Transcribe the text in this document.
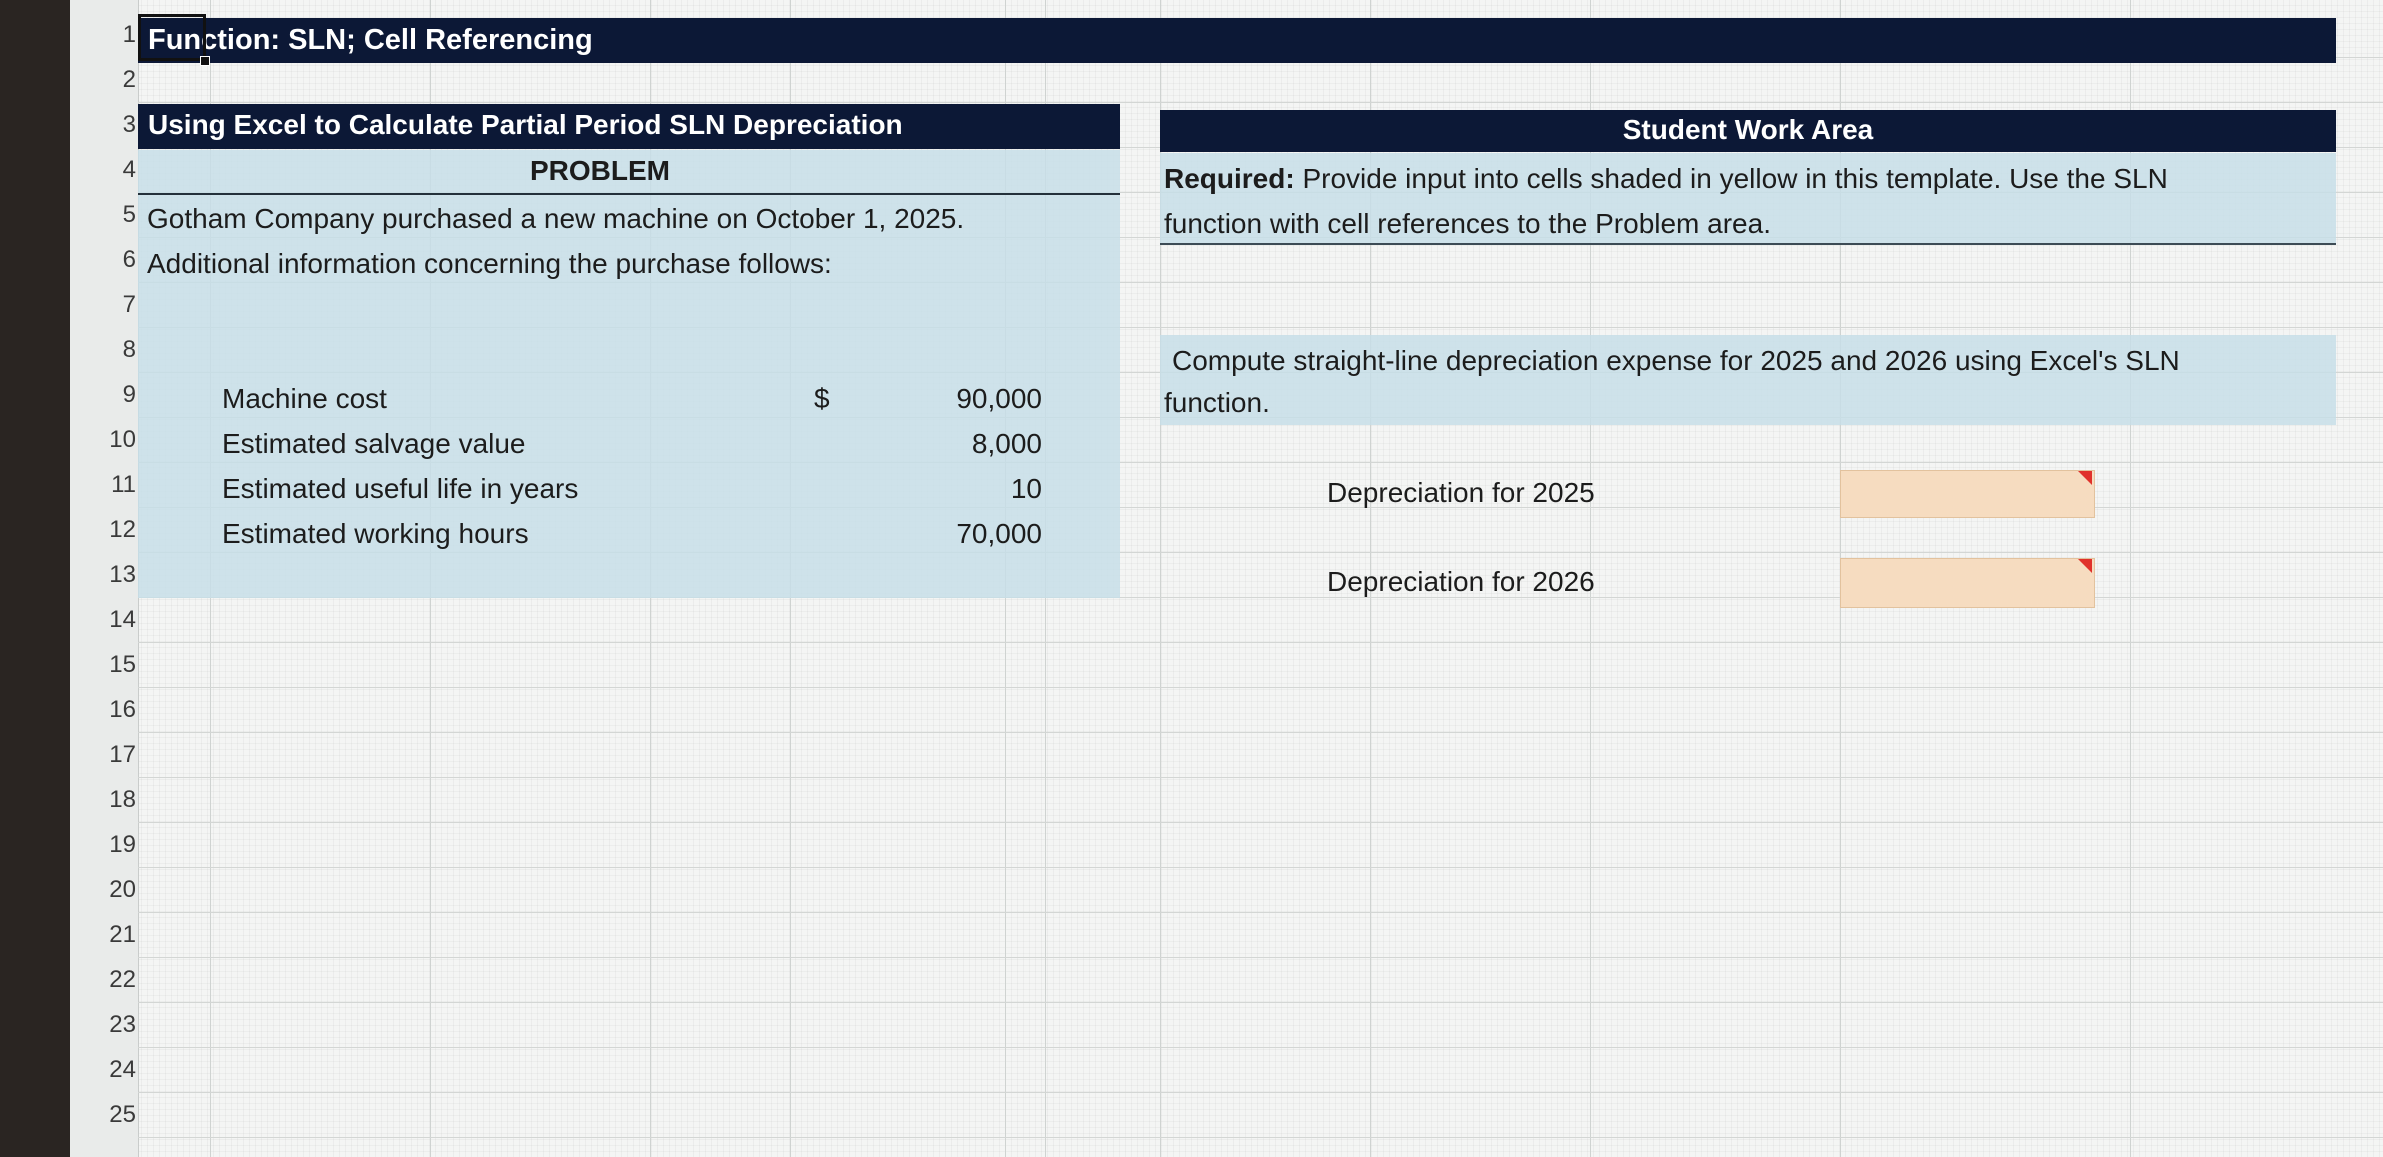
1
2
3
4
5
6
7
8
9
10
11
12
13
14
15
16
17
18
19
20
21
22
23
24
25
Function: SLN; Cell Referencing
Using Excel to Calculate Partial Period SLN Depreciation
PROBLEM
Gotham Company purchased a new machine on October 1, 2025.
Additional information concerning the purchase follows:
Machine cost	$	90,000
Estimated salvage value	8,000
Estimated useful life in years	10
Estimated working hours	70,000
Student Work Area
Required: Provide input into cells shaded in yellow in this template. Use the SLN
function with cell references to the Problem area.
Compute straight-line depreciation expense for 2025 and 2026 using Excel's SLN
function.
Depreciation for 2025
Depreciation for 2026
